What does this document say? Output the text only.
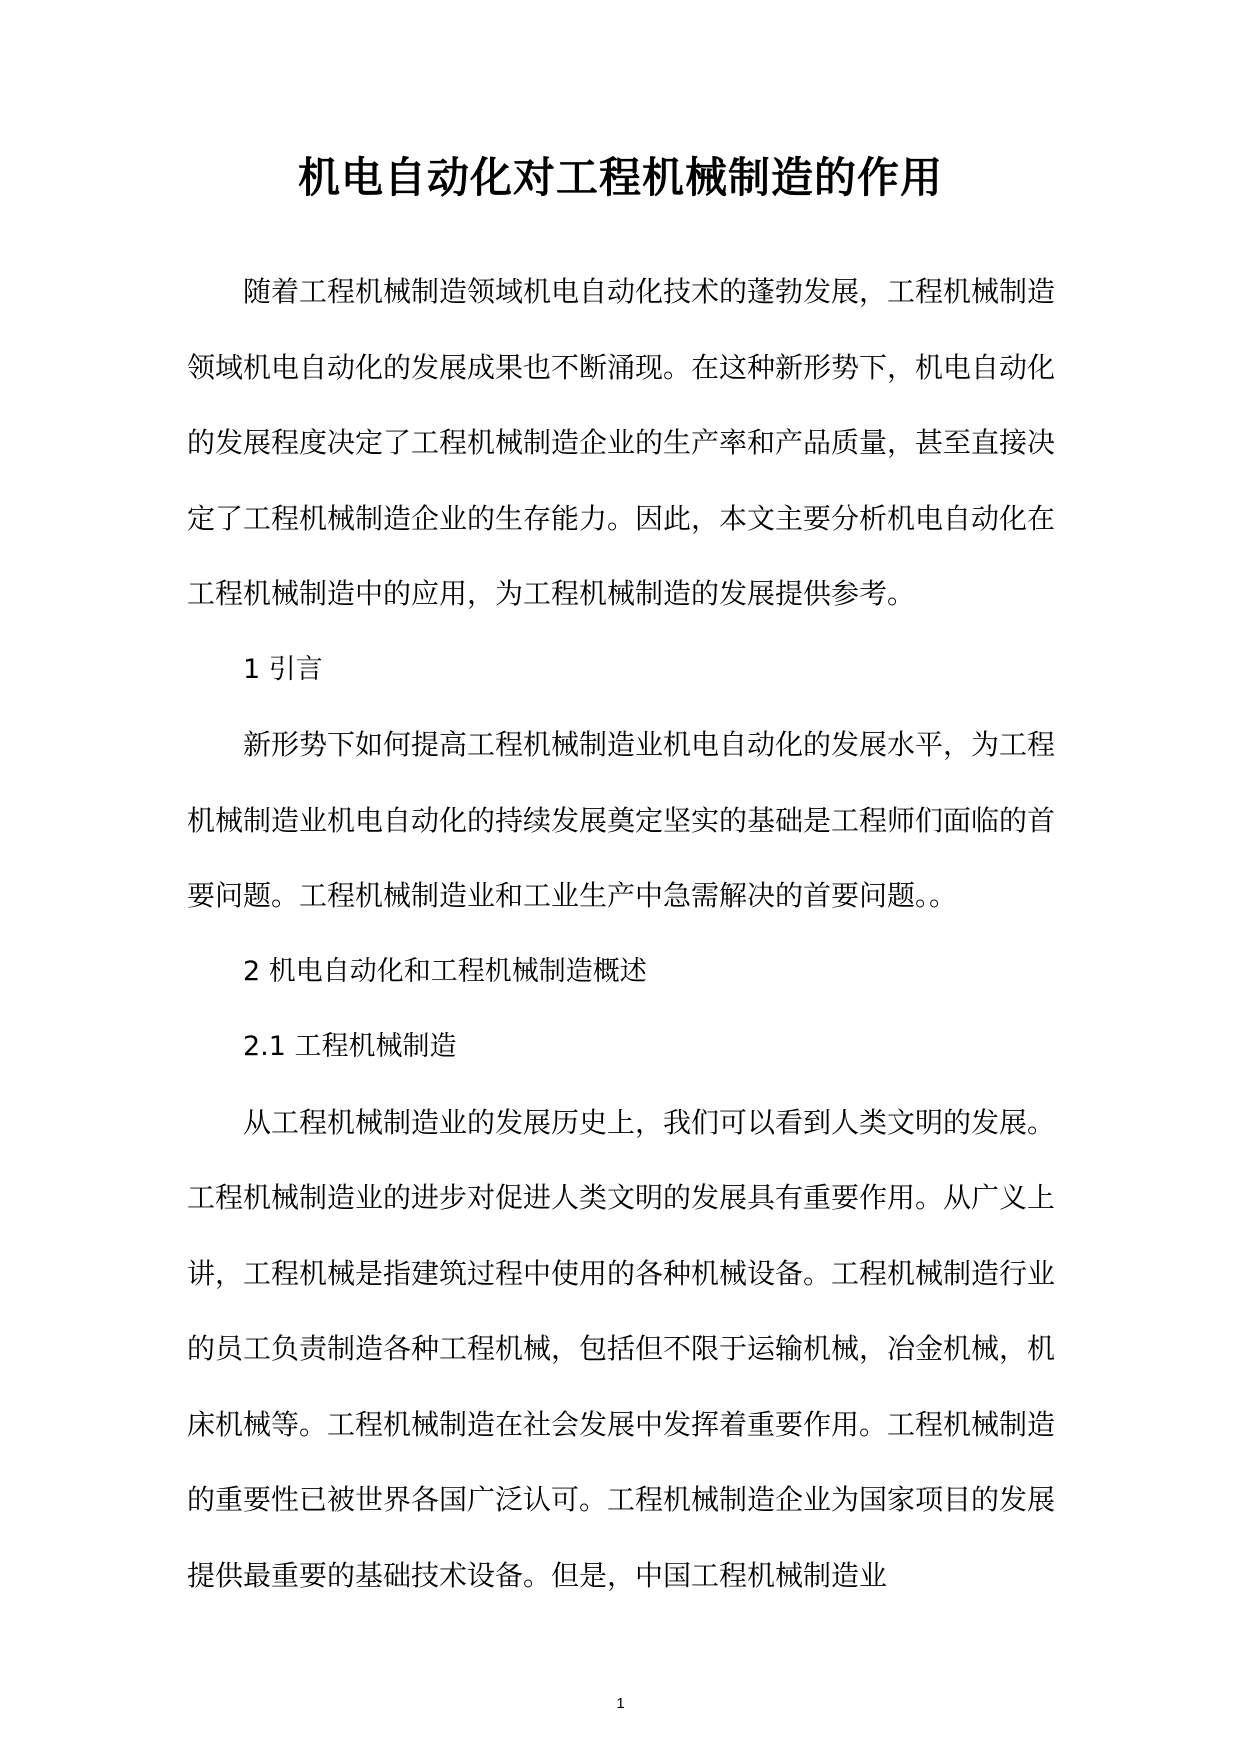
机电自动化对工程机械制造的作用

随着工程机械制造领域机电自动化技术的蓬勃发展，工程机械制造领域机电自动化的发展成果也不断涌现。在这种新形势下，机电自动化的发展程度决定了工程机械制造企业的生产率和产品质量，甚至直接决定了工程机械制造企业的生存能力。因此，本文主要分析机电自动化在工程机械制造中的应用，为工程机械制造的发展提供参考。

1 引言

新形势下如何提高工程机械制造业机电自动化的发展水平，为工程机械制造业机电自动化的持续发展奠定坚实的基础是工程师们面临的首要问题。工程机械制造业和工业生产中急需解决的首要问题。。

2 机电自动化和工程机械制造概述

2.1 工程机械制造

从工程机械制造业的发展历史上，我们可以看到人类文明的发展。工程机械制造业的进步对促进人类文明的发展具有重要作用。从广义上讲，工程机械是指建筑过程中使用的各种机械设备。工程机械制造行业的员工负责制造各种工程机械，包括但不限于运输机械，冶金机械，机床机械等。工程机械制造在社会发展中发挥着重要作用。工程机械制造的重要性已被世界各国广泛认可。工程机械制造企业为国家项目的发展提供最重要的基础技术设备。但是，中国工程机械制造业

1
